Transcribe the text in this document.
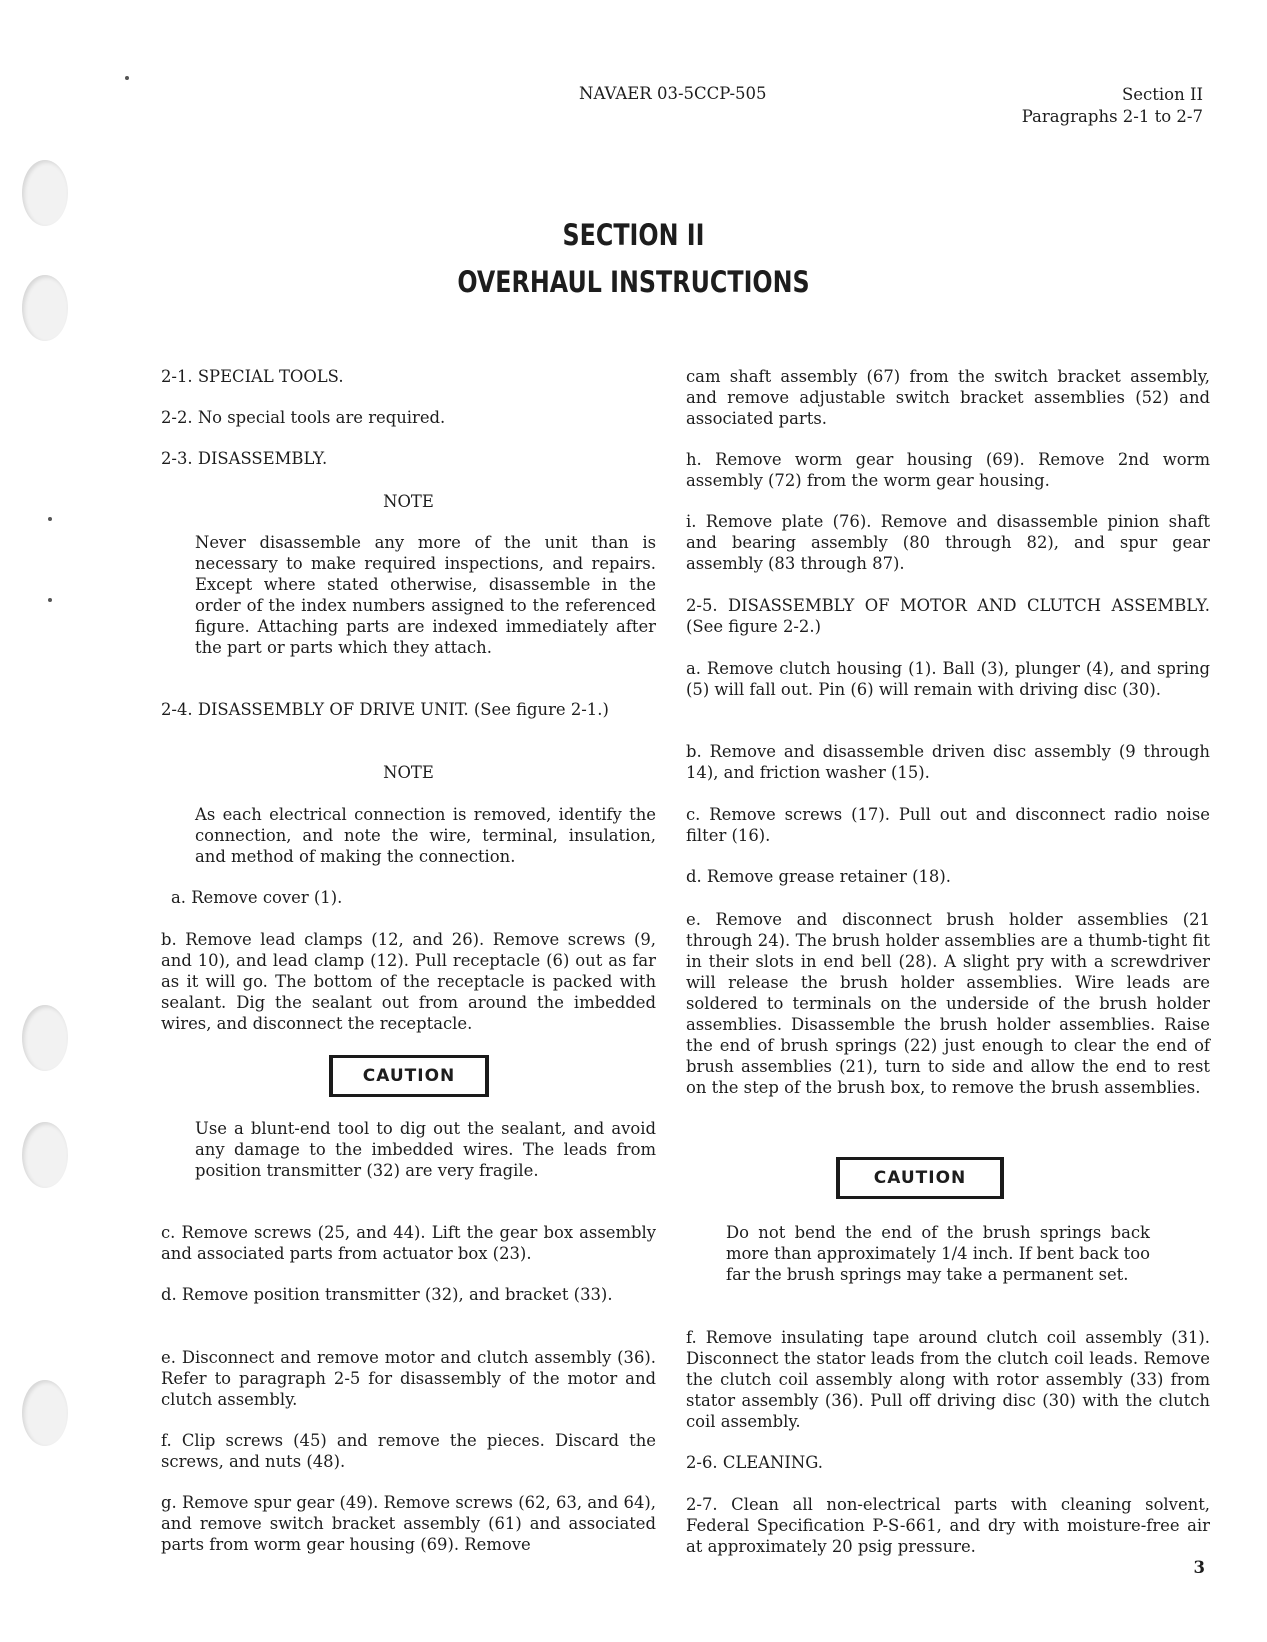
NAVAER 03-5CCP-505	Section II
Paragraphs 2-1 to 2-7
SECTION II
OVERHAUL INSTRUCTIONS

2-1. SPECIAL TOOLS.

2-2. No special tools are required.

2-3. DISASSEMBLY.

NOTE

Never disassemble any more of the unit than is necessary to make required inspections, and repairs. Except where stated otherwise, disassemble in the order of the index numbers assigned to the referenced figure. Attaching parts are indexed immediately after the part or parts which they attach.

2-4. DISASSEMBLY OF DRIVE UNIT. (See figure 2-1.)

NOTE

As each electrical connection is removed, identify the connection, and note the wire, terminal, insulation, and method of making the connection.

a. Remove cover (1).

b. Remove lead clamps (12, and 26). Remove screws (9, and 10), and lead clamp (12). Pull receptacle (6) out as far as it will go. The bottom of the receptacle is packed with sealant. Dig the sealant out from around the imbedded wires, and disconnect the receptacle.

CAUTION

Use a blunt-end tool to dig out the sealant, and avoid any damage to the imbedded wires. The leads from position transmitter (32) are very fragile.

c. Remove screws (25, and 44). Lift the gear box assembly and associated parts from actuator box (23).

d. Remove position transmitter (32), and bracket (33).

e. Disconnect and remove motor and clutch assembly (36). Refer to paragraph 2-5 for disassembly of the motor and clutch assembly.

f. Clip screws (45) and remove the pieces. Discard the screws, and nuts (48).

g. Remove spur gear (49). Remove screws (62, 63, and 64), and remove switch bracket assembly (61) and associated parts from worm gear housing (69). Remove

cam shaft assembly (67) from the switch bracket assembly, and remove adjustable switch bracket assemblies (52) and associated parts.

h. Remove worm gear housing (69). Remove 2nd worm assembly (72) from the worm gear housing.

i. Remove plate (76). Remove and disassemble pinion shaft and bearing assembly (80 through 82), and spur gear assembly (83 through 87).

2-5. DISASSEMBLY OF MOTOR AND CLUTCH ASSEMBLY. (See figure 2-2.)

a. Remove clutch housing (1). Ball (3), plunger (4), and spring (5) will fall out. Pin (6) will remain with driving disc (30).

b. Remove and disassemble driven disc assembly (9 through 14), and friction washer (15).

c. Remove screws (17). Pull out and disconnect radio noise filter (16).

d. Remove grease retainer (18).

e. Remove and disconnect brush holder assemblies (21 through 24). The brush holder assemblies are a thumb-tight fit in their slots in end bell (28). A slight pry with a screwdriver will release the brush holder assemblies. Wire leads are soldered to terminals on the underside of the brush holder assemblies. Disassemble the brush holder assemblies. Raise the end of brush springs (22) just enough to clear the end of brush assemblies (21), turn to side and allow the end to rest on the step of the brush box, to remove the brush assemblies.

CAUTION

Do not bend the end of the brush springs back more than approximately 1/4 inch. If bent back too far the brush springs may take a permanent set.

f. Remove insulating tape around clutch coil assembly (31). Disconnect the stator leads from the clutch coil leads. Remove the clutch coil assembly along with rotor assembly (33) from stator assembly (36). Pull off driving disc (30) with the clutch coil assembly.

2-6. CLEANING.

2-7. Clean all non-electrical parts with cleaning solvent, Federal Specification P-S-661, and dry with moisture-free air at approximately 20 psig pressure.

3
